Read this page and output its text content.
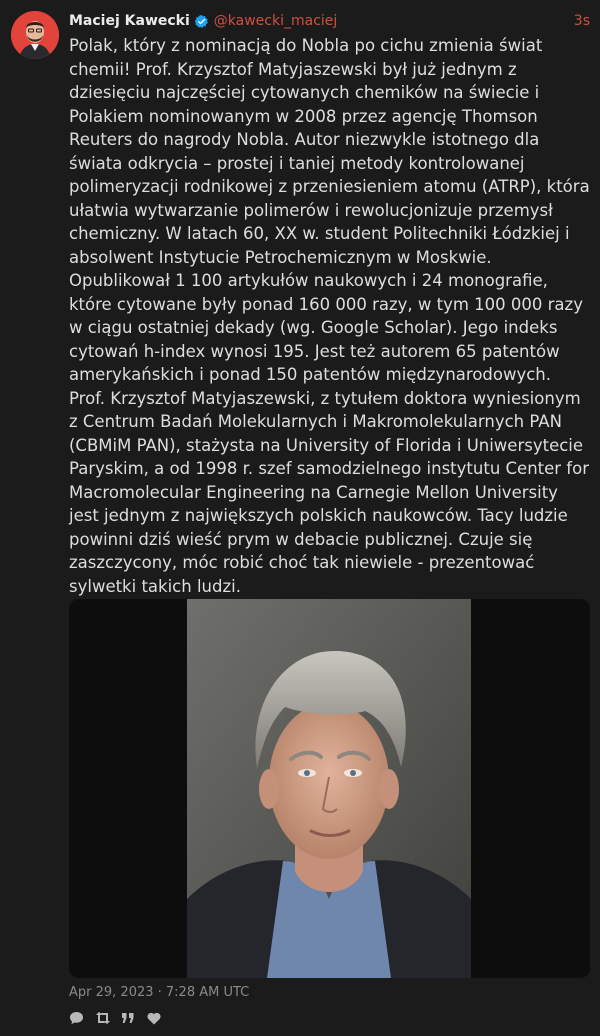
Maciej Kawecki @kawecki_maciej	3s
Polak, który z nominacją do Nobla po cichu zmienia świat chemii! Prof. Krzysztof Matyjaszewski był już jednym z dziesięciu najczęściej cytowanych chemików na świecie i Polakiem nominowanym w 2008 przez agencję Thomson Reuters do nagrody Nobla. Autor niezwykle istotnego dla świata odkrycia – prostej i taniej metody kontrolowanej polimeryzacji rodnikowej z przeniesieniem atomu (ATRP), która ułatwia wytwarzanie polimerów i rewolucjonizuje przemysł chemiczny. W latach 60, XX w. student Politechniki Łódzkiej i absolwent Instytucie Petrochemicznym w Moskwie. Opublikował 1 100 artykułów naukowych i 24 monografie, które cytowane były ponad 160 000 razy, w tym 100 000 razy w ciągu ostatniej dekady (wg. Google Scholar). Jego indeks cytowań h-index wynosi 195. Jest też autorem 65 patentów amerykańskich i ponad 150 patentów międzynarodowych. Prof. Krzysztof Matyjaszewski, z tytułem doktora wyniesionym z Centrum Badań Molekularnych i Makromolekularnych PAN (CBMiM PAN), stażysta na University of Florida i Uniwersytecie Paryskim, a od 1998 r. szef samodzielnego instytutu Center for Macromolecular Engineering na Carnegie Mellon University jest jednym z największych polskich naukowców. Tacy ludzie powinni dziś wieść prym w debacie publicznej. Czuje się zaszczycony, móc robić choć tak niewiele - prezentować sylwetki takich ludzi.
Apr 29, 2023 · 7:28 AM UTC
